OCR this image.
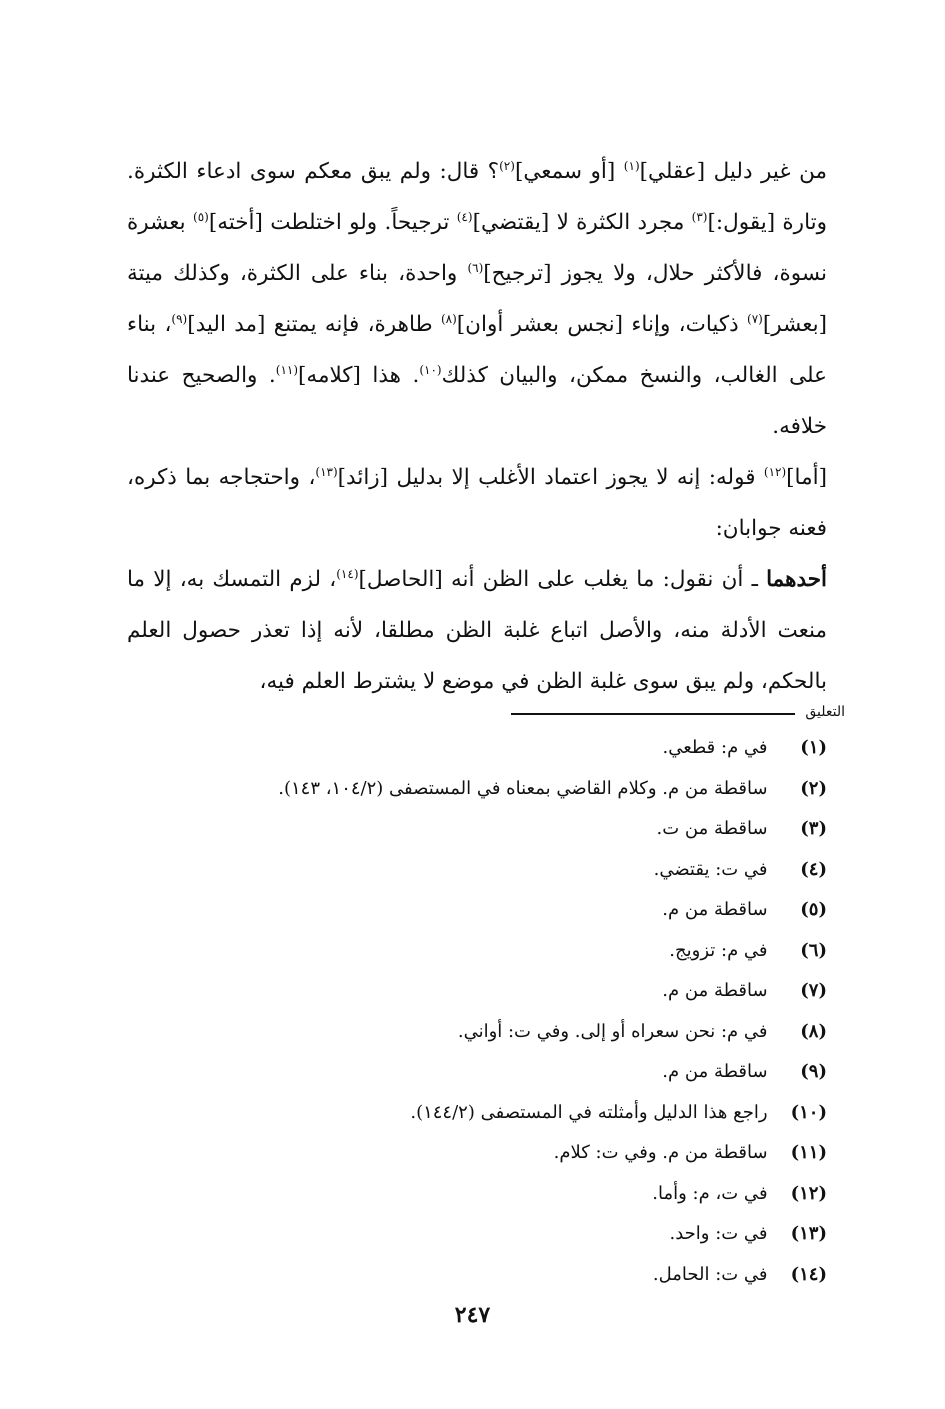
من غير دليل [عقلي]$^{(١)}$ [أو سمعي]$^{(٢)}$؟ قال: ولم يبق معكم سوى ادعاء الكثرة. وتارة [يقول:]$^{(٣)}$ مجرد الكثرة لا [يقتضي]$^{(٤)}$ ترجيحاً. ولو اختلطت [أخته]$^{(٥)}$ بعشرة نسوة، فالأكثر حلال، ولا يجوز [ترجيح]$^{(٦)}$ واحدة، بناء على الكثرة، وكذلك ميتة [بعشر]$^{(٧)}$ ذكيات، وإناء [نجس بعشر أوان]$^{(٨)}$ طاهرة، فإنه يمتنع [مد اليد]$^{(٩)}$، بناء على الغالب، والنسخ ممكن، والبيان كذلك$^{(١٠)}$. هذا [كلامه]$^{(١١)}$. والصحيح عندنا خلافه.

[أما]$^{(١٢)}$ قوله: إنه لا يجوز اعتماد الأغلب إلا بدليل [زائد]$^{(١٣)}$، واحتجاجه بما ذكره، فعنه جوابان:

أحدهما ـ أن نقول: ما يغلب على الظن أنه [الحاصل]$^{(١٤)}$، لزم التمسك به، إلا ما منعت الأدلة منه، والأصل اتباع غلبة الظن مطلقا، لأنه إذا تعذر حصول العلم بالحكم، ولم يبق سوى غلبة الظن في موضع لا يشترط العلم فيه،

التعليق
(١)

في م: قطعي.
(٢)

ساقطة من م. وكلام القاضي بمعناه في المستصفى (١٠٤/٢، ١٤٣).
(٣)

ساقطة من ت.
(٤)

في ت: يقتضي.
(٥)

ساقطة من م.
(٦)

في م: تزويج.
(٧)

ساقطة من م.
(٨)

في م: نحن سعراه أو إلى. وفي ت: أواني.
(٩)

ساقطة من م.
(١٠)

راجع هذا الدليل وأمثلته في المستصفى (١٤٤/٢).
(١١)

ساقطة من م. وفي ت: كلام.
(١٢)

في ت، م: وأما.
(١٣)

في ت: واحد.
(١٤)

في ت: الحامل.
٢٤٧
